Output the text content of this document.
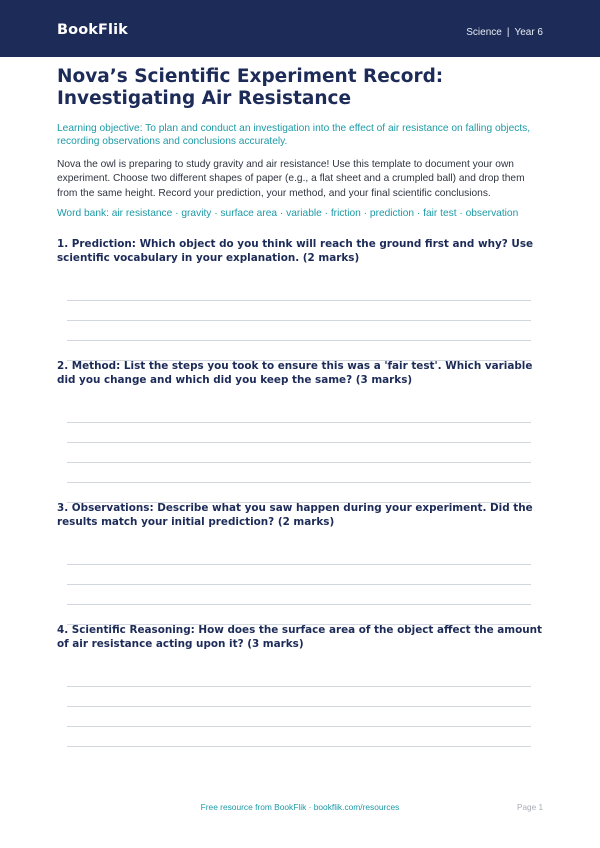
BookFlik	Science | Year 6
Nova’s Scientific Experiment Record: Investigating Air Resistance

Learning objective: To plan and conduct an investigation into the effect of air resistance on falling objects, recording observations and conclusions accurately.

Nova the owl is preparing to study gravity and air resistance! Use this template to document your own experiment. Choose two different shapes of paper (e.g., a flat sheet and a crumpled ball) and drop them from the same height. Record your prediction, your method, and your final scientific conclusions.

Word bank: air resistance · gravity · surface area · variable · friction · prediction · fair test · observation

1. Prediction: Which object do you think will reach the ground first and why? Use scientific vocabulary in your explanation. (2 marks)

2. Method: List the steps you took to ensure this was a 'fair test'. Which variable did you change and which did you keep the same? (3 marks)

3. Observations: Describe what you saw happen during your experiment. Did the results match your initial prediction? (2 marks)

4. Scientific Reasoning: How does the surface area of the object affect the amount of air resistance acting upon it? (3 marks)

Free resource from BookFlik · bookflik.com/resources	Page 1
